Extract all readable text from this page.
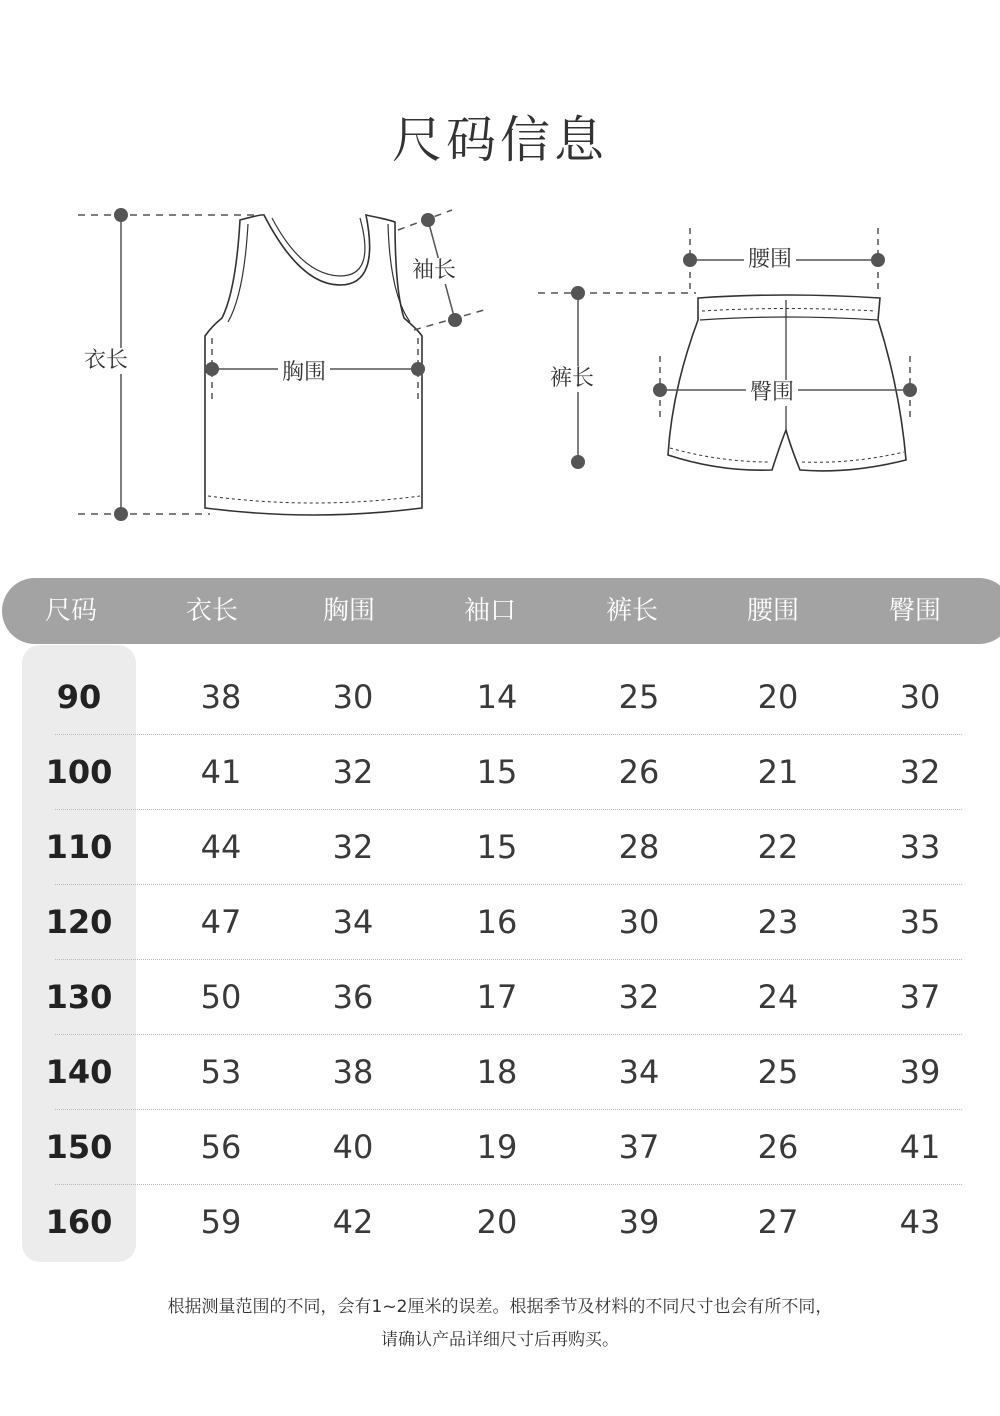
尺码信息
衣长
袖长
胸围
腰围
裤长
臀围
尺码	衣长	胸围	袖口	裤长	腰围	臀围
90	38	30	14	25	20	30
100	41	32	15	26	21	32
110	44	32	15	28	22	33
120	47	34	16	30	23	35
130	50	36	17	32	24	37
140	53	38	18	34	25	39
150	56	40	19	37	26	41
160	59	42	20	39	27	43
根据测量范围的不同，会有1~2厘米的误差。根据季节及材料的不同尺寸也会有所不同，
请确认产品详细尺寸后再购买。
